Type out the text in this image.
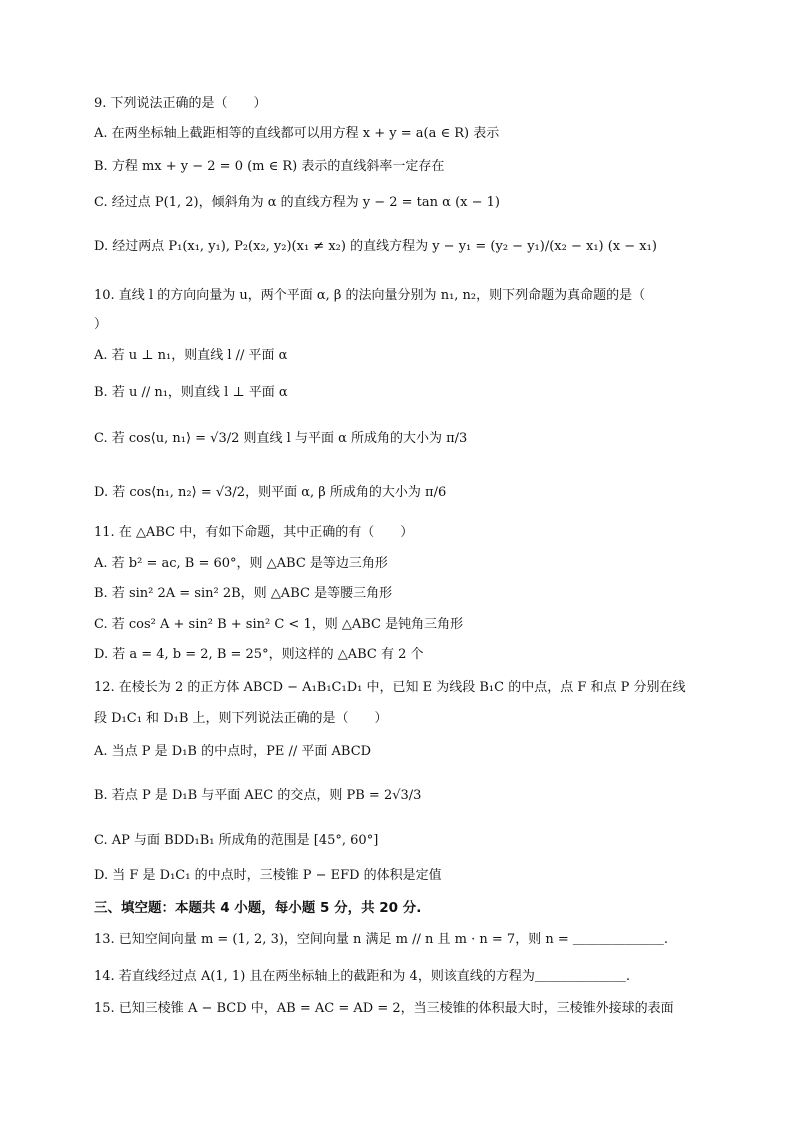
9. 下列说法正确的是（　　）
A. 在两坐标轴上截距相等的直线都可以用方程 x + y = a(a ∈ R) 表示
B. 方程 mx + y − 2 = 0 (m ∈ R) 表示的直线斜率一定存在
C. 经过点 P(1, 2)，倾斜角为 α 的直线方程为 y − 2 = tan α (x − 1)
D. 经过两点 P₁(x₁, y₁), P₂(x₂, y₂)(x₁ ≠ x₂) 的直线方程为 y − y₁ = (y₂ − y₁)/(x₂ − x₁) (x − x₁)
10. 直线 l 的方向向量为 u，两个平面 α, β 的法向量分别为 n₁, n₂，则下列命题为真命题的是（
）
A. 若 u ⊥ n₁，则直线 l // 平面 α
B. 若 u // n₁，则直线 l ⊥ 平面 α
C. 若 cos⟨u, n₁⟩ = √3/2 则直线 l 与平面 α 所成角的大小为 π/3
D. 若 cos⟨n₁, n₂⟩ = √3/2，则平面 α, β 所成角的大小为 π/6
11. 在 △ABC 中，有如下命题，其中正确的有（　　）
A. 若 b² = ac, B = 60°，则 △ABC 是等边三角形
B. 若 sin² 2A = sin² 2B，则 △ABC 是等腰三角形
C. 若 cos² A + sin² B + sin² C < 1，则 △ABC 是钝角三角形
D. 若 a = 4, b = 2, B = 25°，则这样的 △ABC 有 2 个
12. 在棱长为 2 的正方体 ABCD − A₁B₁C₁D₁ 中，已知 E 为线段 B₁C 的中点，点 F 和点 P 分别在线
段 D₁C₁ 和 D₁B 上，则下列说法正确的是（　　）
A. 当点 P 是 D₁B 的中点时，PE // 平面 ABCD
B. 若点 P 是 D₁B 与平面 AEC 的交点，则 PB = 2√3/3
C. AP 与面 BDD₁B₁ 所成角的范围是 [45°, 60°]
D. 当 F 是 D₁C₁ 的中点时，三棱锥 P − EFD 的体积是定值
三、填空题：本题共 4 小题，每小题 5 分，共 20 分.
13. 已知空间向量 m = (1, 2, 3)，空间向量 n 满足 m // n 且 m · n = 7，则 n = ＿＿＿＿＿＿＿.
14. 若直线经过点 A(1, 1) 且在两坐标轴上的截距和为 4，则该直线的方程为＿＿＿＿＿＿＿.
15. 已知三棱锥 A − BCD 中，AB = AC = AD = 2，当三棱锥的体积最大时，三棱锥外接球的表面
